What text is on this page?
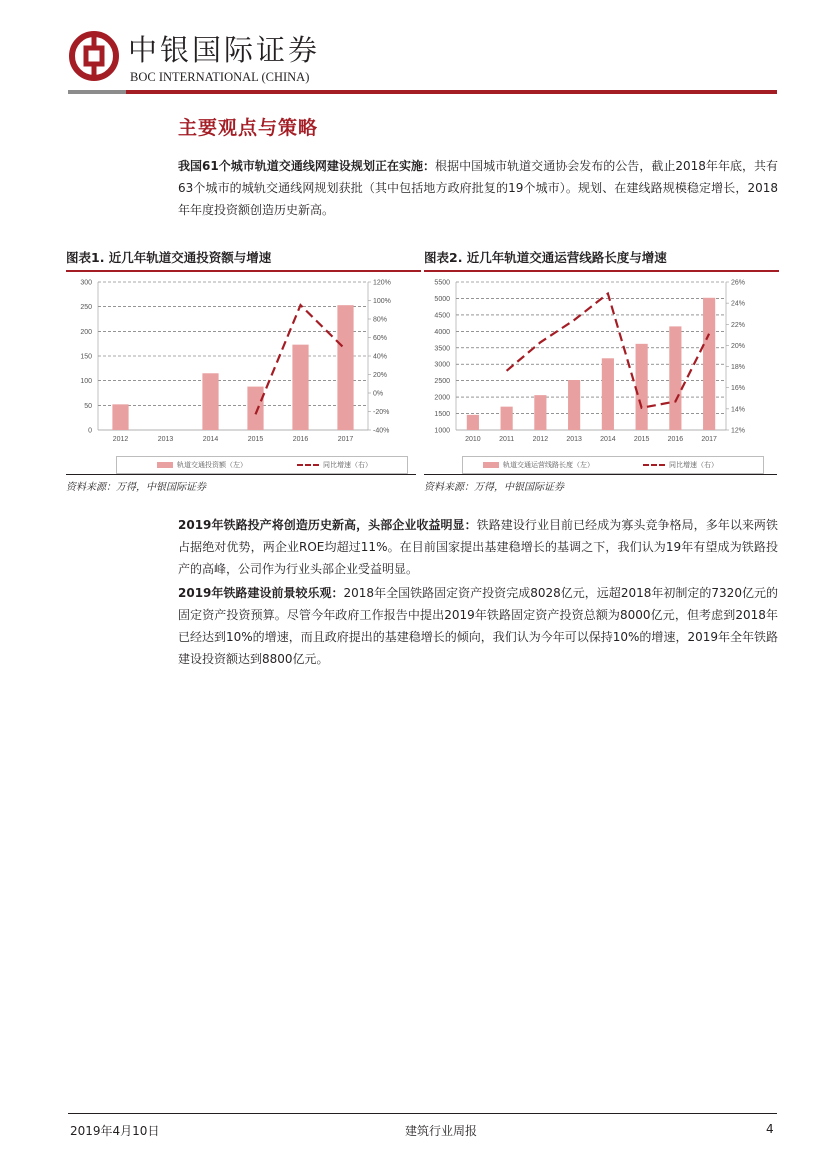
中银国际证券
BOC INTERNATIONAL (CHINA)
主要观点与策略
我国61个城市轨道交通线网建设规划正在实施：根据中国城市轨道交通协会发布的公告，截止2018年年底，共有63个城市的城轨交通线网规划获批（其中包括地方政府批复的19个城市）。规划、在建线路规模稳定增长，2018年年度投资额创造历史新高。
图表1. 近几年轨道交通投资额与增速
0
50
100
150
200
250
300
-40%
-20%
0%
20%
40%
60%
80%
100%
120%
2012	2013	2014	2015	2016	2017
轨道交通投资额（左）	同比增速（右）
资料来源：万得，中银国际证券
图表2. 近几年轨道交通运营线路长度与增速
1000
1500
2000
2500
3000
3500
4000
4500
5000
5500
12%
14%
16%
18%
20%
22%
24%
26%
2010	2011	2012	2013	2014	2015	2016	2017
轨道交通运营线路长度（左）	同比增速（右）
资料来源：万得，中银国际证券
2019年铁路投产将创造历史新高，头部企业收益明显：铁路建设行业目前已经成为寡头竞争格局，多年以来两铁占据绝对优势，两企业ROE均超过11%。在目前国家提出基建稳增长的基调之下，我们认为19年有望成为铁路投产的高峰，公司作为行业头部企业受益明显。
2019年铁路建设前景较乐观：2018年全国铁路固定资产投资完成8028亿元，远超2018年初制定的7320亿元的固定资产投资预算。尽管今年政府工作报告中提出2019年铁路固定资产投资总额为8000亿元，但考虑到2018年已经达到10%的增速，而且政府提出的基建稳增长的倾向，我们认为今年可以保持10%的增速，2019年全年铁路建设投资额达到8800亿元。
2019年4月10日	建筑行业周报	4
